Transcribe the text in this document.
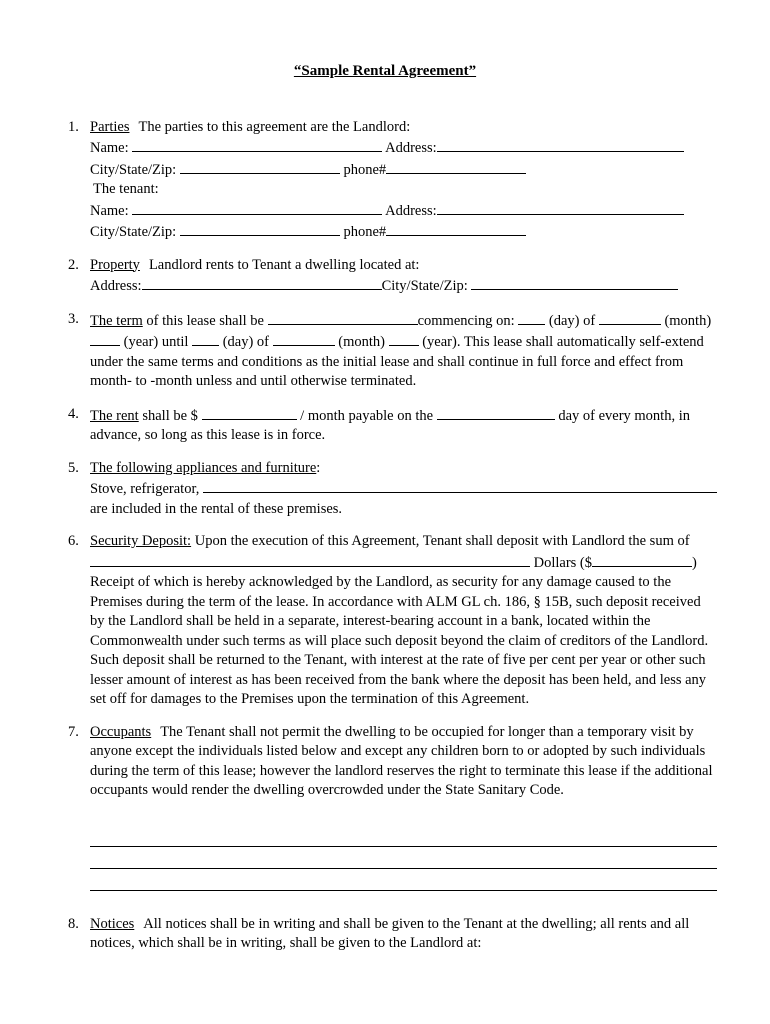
“Sample Rental Agreement”
1. Parties The parties to this agreement are the Landlord:

Name:	Address:

City/State/Zip:	phone#

The tenant:

Name:	Address:

City/State/Zip:	phone#

2. Property Landlord rents to Tenant a dwelling located at:

Address:	City/State/Zip:

3. The term of this lease shall be	commencing on: (day) of	(month)  (year) until (day) of	(month)	(year). This lease shall automatically self-extend under the same terms and conditions as the initial lease and shall continue in full force and effect from month- to -month unless and until otherwise terminated.

4. The rent shall be $	/ month payable on the	day of every month, in advance, so long as this lease is in force.

5. The following appliances and furniture:

Stove, refrigerator,

are included in the rental of these premises.

6. Security Deposit: Upon the execution of this Agreement, Tenant shall deposit with Landlord the sum of

Dollars ($	)

Receipt of which is hereby acknowledged by the Landlord, as security for any damage caused to the Premises during the term of the lease. In accordance with ALM GL ch. 186, § 15B, such deposit received by the Landlord shall be held in a separate, interest-bearing account in a bank, located within the Commonwealth under such terms as will place such deposit beyond the claim of creditors of the Landlord. Such deposit shall be returned to the Tenant, with interest at the rate of five per cent per year or other such lesser amount of interest as has been received from the bank where the deposit has been held, and less any set off for damages to the Premises upon the termination of this Agreement.

7. Occupants The Tenant shall not permit the dwelling to be occupied for longer than a temporary visit by anyone except the individuals listed below and except any children born to or adopted by such individuals during the term of this lease; however the landlord reserves the right to terminate this lease if the additional occupants would render the dwelling overcrowded under the State Sanitary Code.

8. Notices All notices shall be in writing and shall be given to the Tenant at the dwelling; all rents and all notices, which shall be in writing, shall be given to the Landlord at:
